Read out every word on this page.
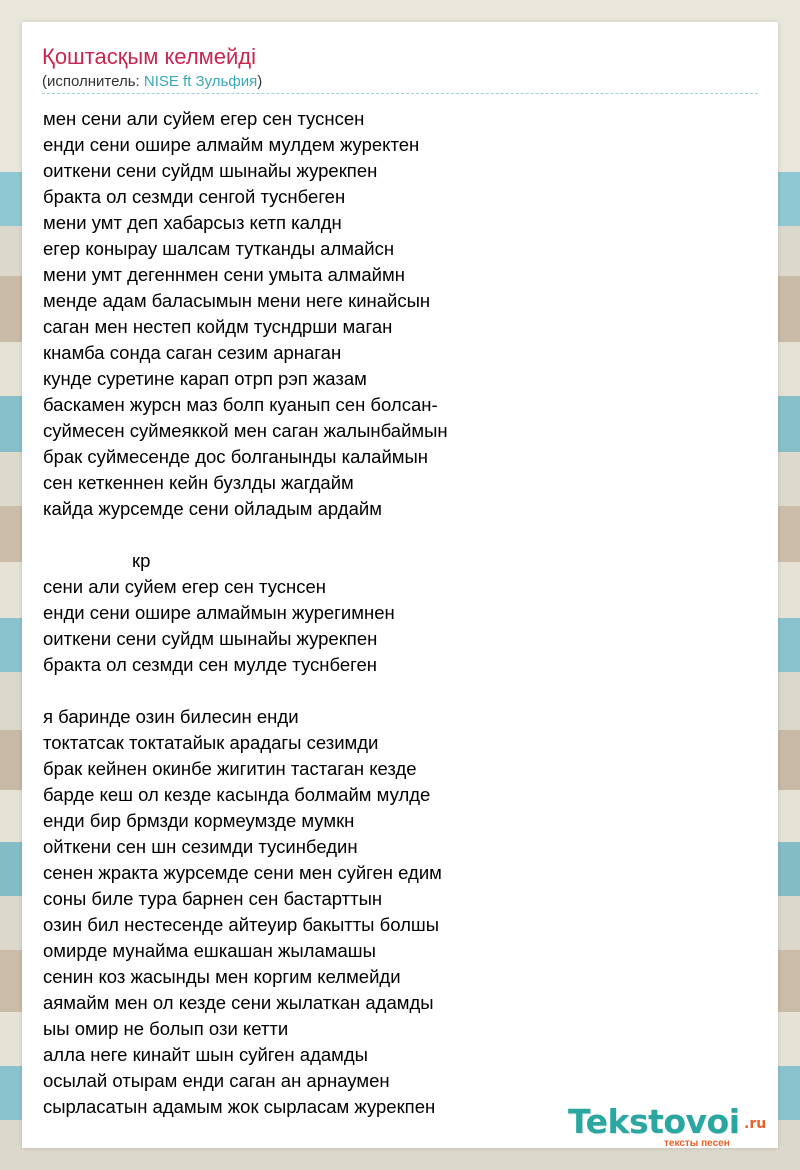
Қоштасқым келмейді
(исполнитель: NISE ft Зульфия)
мен сени али суйем егер сен туснсен
енди сени ошире алмайм мулдем журектен
оиткени сени суйдм шынайы журекпен
бракта ол сезмди сенгой туснбеген
мени умт деп хабарсыз кетп калдн
егер конырау шалсам тутканды алмайсн
мени умт дегеннмен сени умыта алмаймн
менде адам баласымын мени неге кинайсын
саган мен нестеп койдм тусндрши маган
кнамба сонда саган сезим арнаган
кунде суретине карап отрп рэп жазам
баскамен журсн маз болп куанып сен болсан-
суймесен суймеяккой мен саган жалынбаймын
брак суймесенде дос болганынды калаймын
сен кеткеннен кейн бузлды жагдайм
кайда журсемде сени ойладым ардайм
кр
сени али суйем егер сен туснсен
енди сени ошире алмаймын журегимнен
оиткени сени суйдм шынайы журекпен
бракта ол сезмди сен мулде туснбеген
я баринде озин билесин енди
токтатсак токтатайык арадагы сезимди
брак кейнен окинбе жигитин тастаган кезде
барде кеш ол кезде касында болмайм мулде
енди бир брмзди кормеумзде мумкн
ойткени сен шн сезимди тусинбедин
сенен жракта журсемде сени мен суйген едим
соны биле тура барнен сен бастарттын
озин бил нестесенде айтеуир бакытты болшы
омирде мунайма ешкашан жыламашы
сенин коз жасынды мен коргим келмейди
аямайм мен ол кезде сени жылаткан адамды
ыы омир не болып ози кетти
алла неге кинайт шын суйген адамды
осылай отырам енди саган ан арнаумен
сырласатын адамым жок сырласам журекпен	Tekstovoi .ru
тексты песен
